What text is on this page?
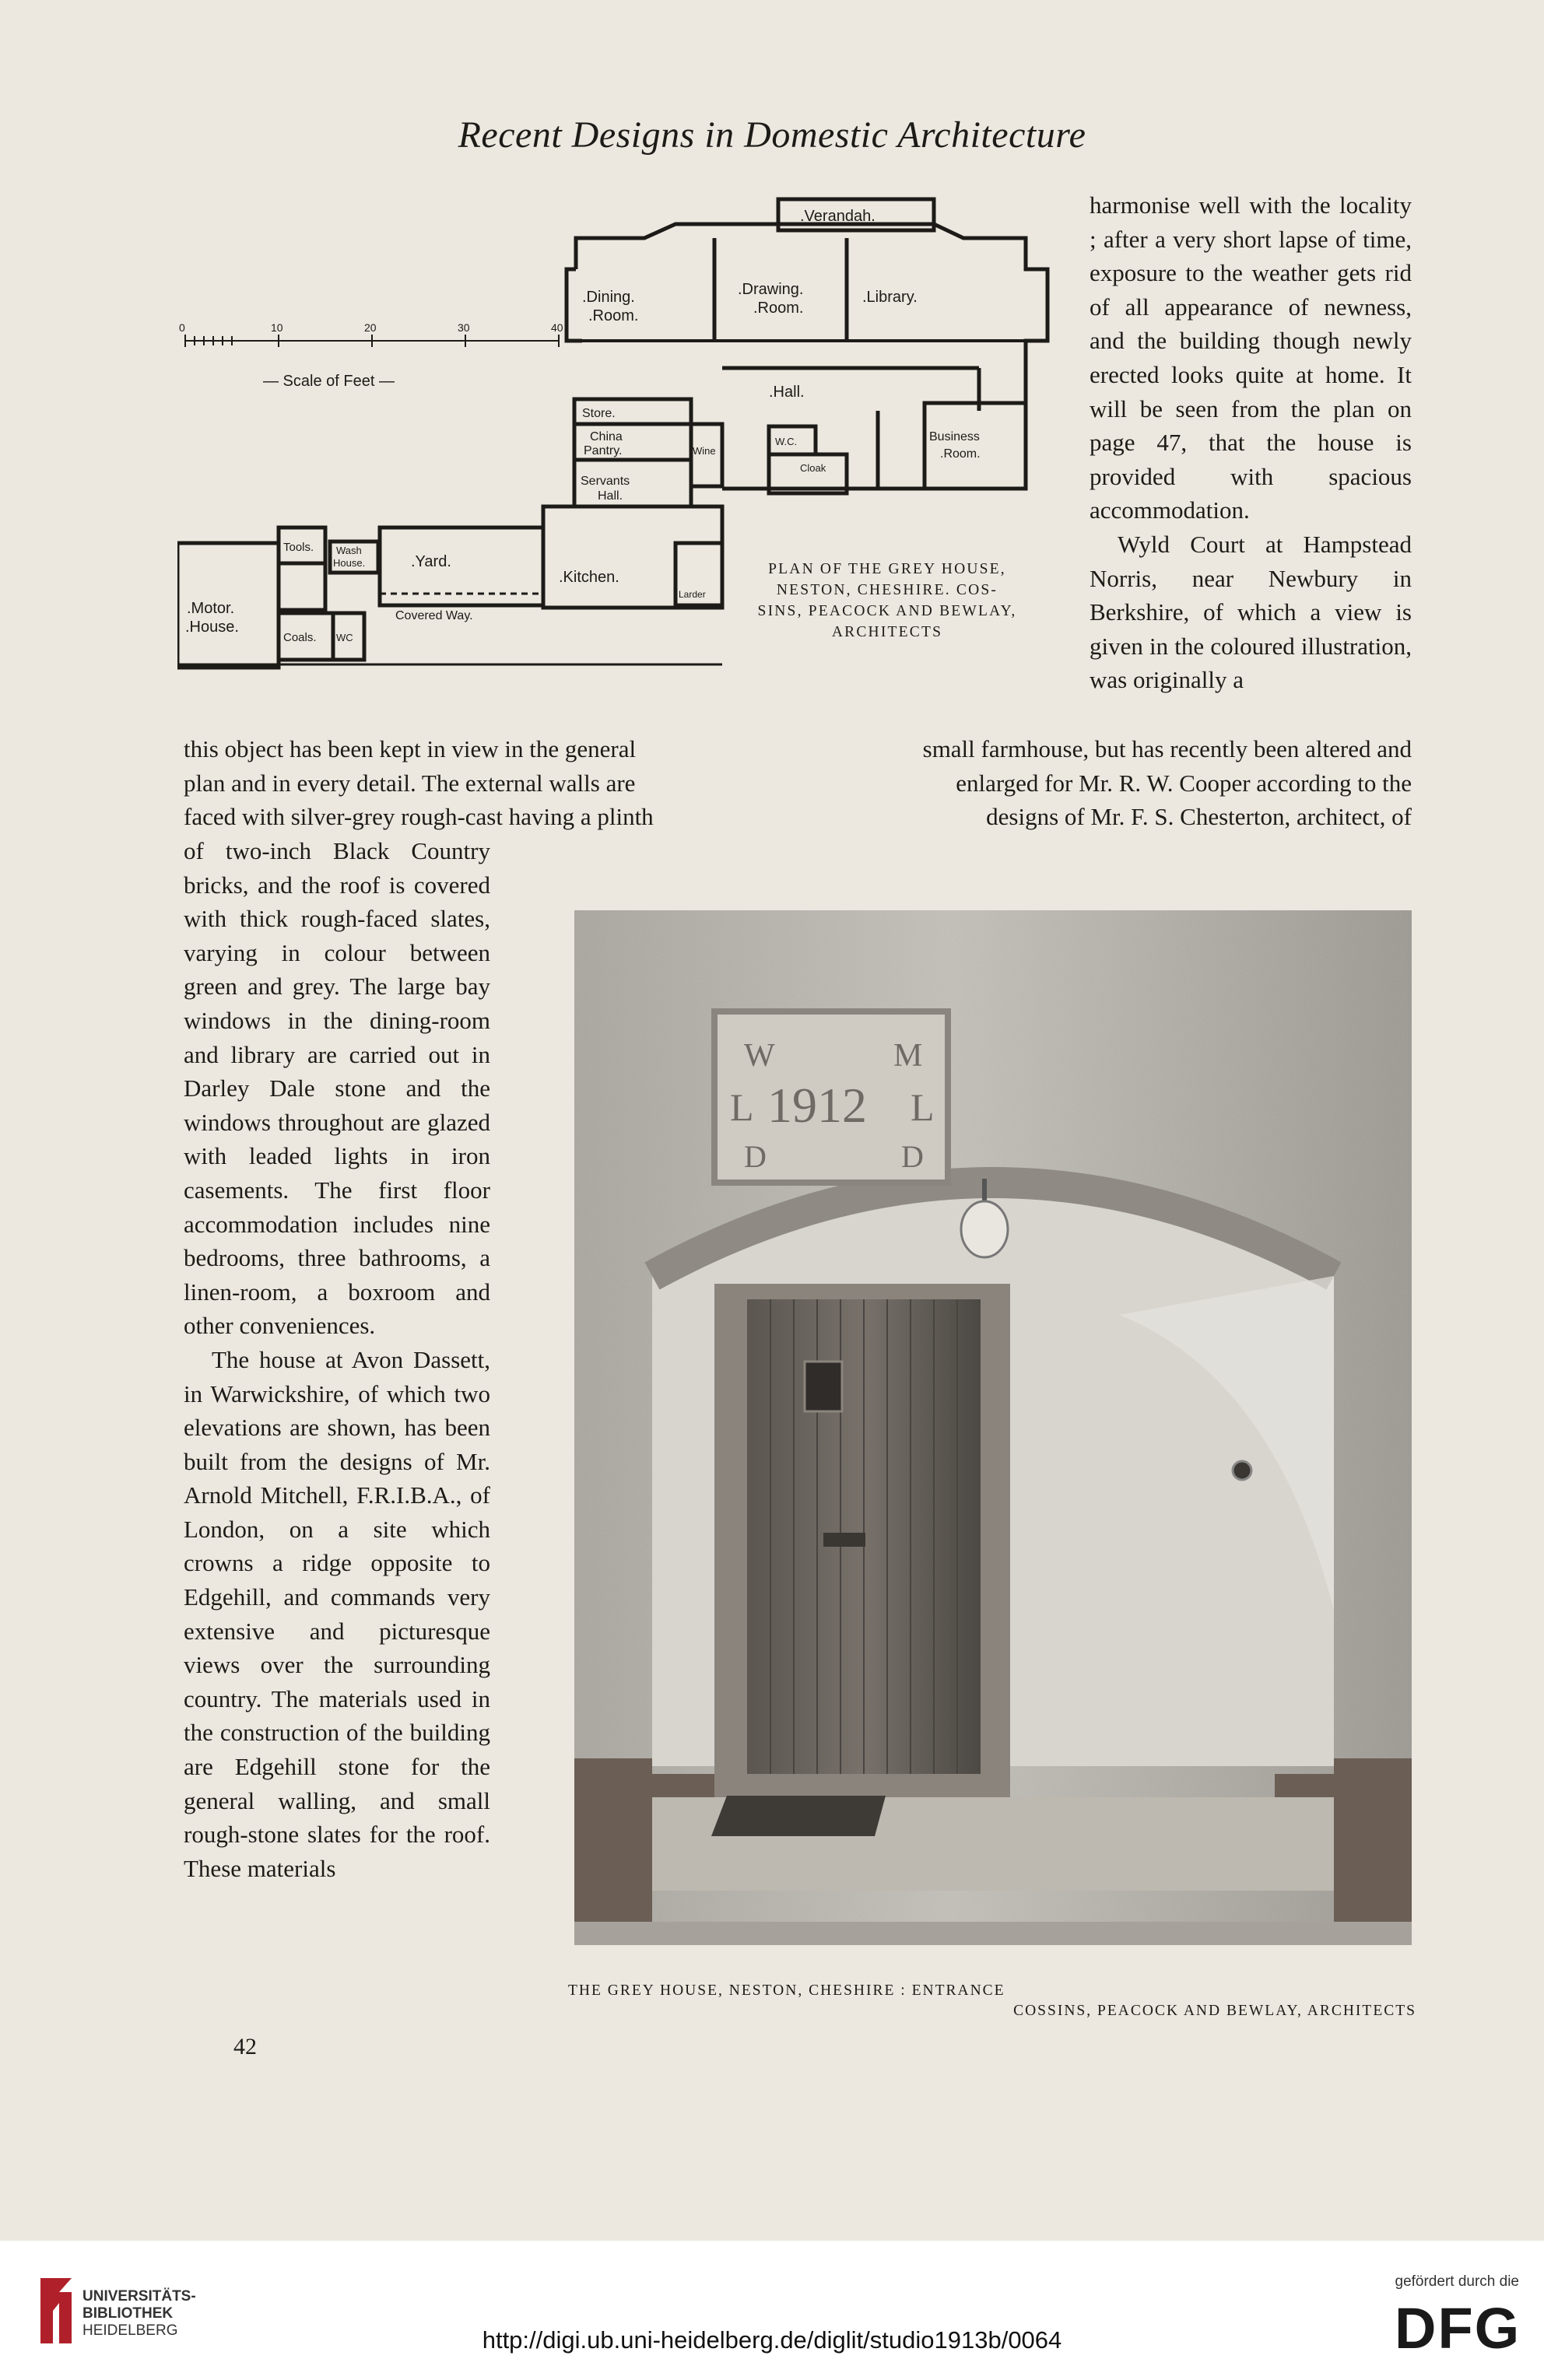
Recent Designs in Domestic Architecture
0	10	20	30	40
— Scale of Feet —
.Verandah.
.Dining.
.Room.
.Drawing.
.Room.
.Library.
.Hall.
Store.
China
Pantry.	Wine
Servants
Hall.
W.C.
Cloak
Business
.Room.
Tools. Wash
House.	.Yard.
.Kitchen.
Larder
.Motor.
.House.
Coals. WC
Covered Way.
PLAN OF THE GREY HOUSE,
NESTON, CHESHIRE. COS-
SINS, PEACOCK AND BEWLAY,
ARCHITECTS

harmonise well with the locality ; after a very short lapse of time, exposure to the weather gets rid of all appearance of newness, and the building though newly erected looks quite at home. It will be seen from the plan on page 47, that the house is provided with spacious accommodation.

Wyld Court at Hampstead Norris, near Newbury in Berkshire, of which a view is given in the coloured illustration, was originally a

this object has been kept in view in the general	small farmhouse, but has recently been altered and
plan and in every detail. The external walls are	enlarged for Mr. R. W. Cooper according to the
faced with silver-grey rough-cast having a plinth	designs of Mr. F. S. Chesterton, architect, of

of two-inch Black Country bricks, and the roof is covered with thick rough-faced slates, varying in colour between green and grey. The large bay windows in the dining-room and library are carried out in Darley Dale stone and the windows throughout are glazed with leaded lights in iron casements. The first floor accommodation includes nine bedrooms, three bathrooms, a linen-room, a boxroom and other conveniences.

The house at Avon Dassett, in Warwickshire, of which two elevations are shown, has been built from the designs of Mr. Arnold Mitchell, F.R.I.B.A., of London, on a site which crowns a ridge opposite to Edgehill, and commands very extensive and picturesque views over the surrounding country. The materials used in the construction of the building are Edgehill stone for the general walling, and small rough-stone slates for the roof. These materials

W	M
L 1912 L
D	D
THE GREY HOUSE, NESTON, CHESHIRE : ENTRANCE
COSSINS, PEACOCK AND BEWLAY, ARCHITECTS
42
UNIVERSITÄTS-
BIBLIOTHEK
HEIDELBERG	http://digi.ub.uni-heidelberg.de/diglit/studio1913b/0064
gefördert durch die
DFG
